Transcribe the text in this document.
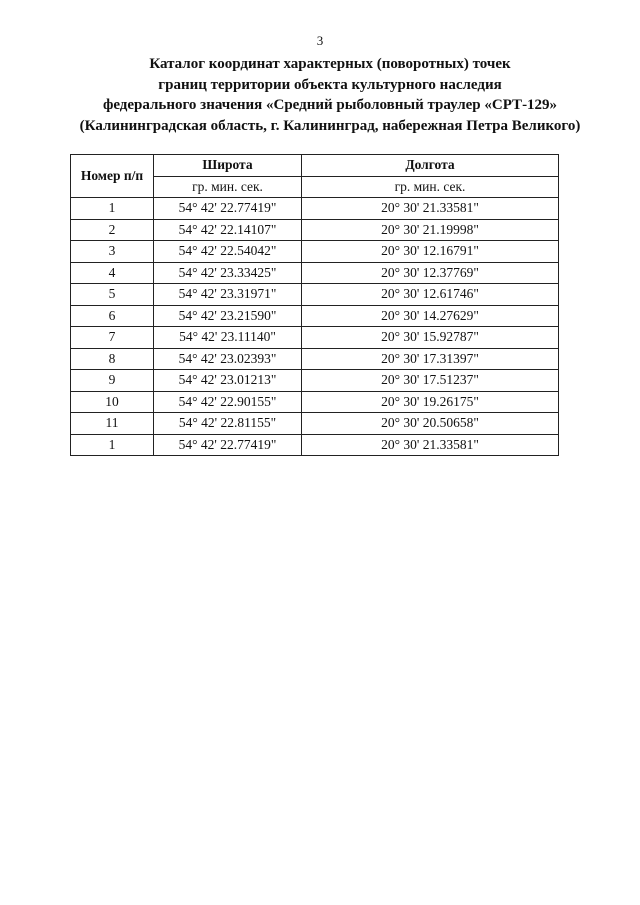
3
Каталог координат характерных (поворотных) точек
границ территории объекта культурного наследия
федерального значения «Средний рыболовный траулер «СРТ-129»
(Калининградская область, г. Калининград, набережная Петра Великого)
Номер п/п	Широта	Долгота
	гр. мин. сек.	гр. мин. сек.
1	54° 42' 22.77419"	20° 30' 21.33581"
2	54° 42' 22.14107"	20° 30' 21.19998"
3	54° 42' 22.54042"	20° 30' 12.16791"
4	54° 42' 23.33425"	20° 30' 12.37769"
5	54° 42' 23.31971"	20° 30' 12.61746"
6	54° 42' 23.21590"	20° 30' 14.27629"
7	54° 42' 23.11140"	20° 30' 15.92787"
8	54° 42' 23.02393"	20° 30' 17.31397"
9	54° 42' 23.01213"	20° 30' 17.51237"
10	54° 42' 22.90155"	20° 30' 19.26175"
11	54° 42' 22.81155"	20° 30' 20.50658"
1	54° 42' 22.77419"	20° 30' 21.33581"
